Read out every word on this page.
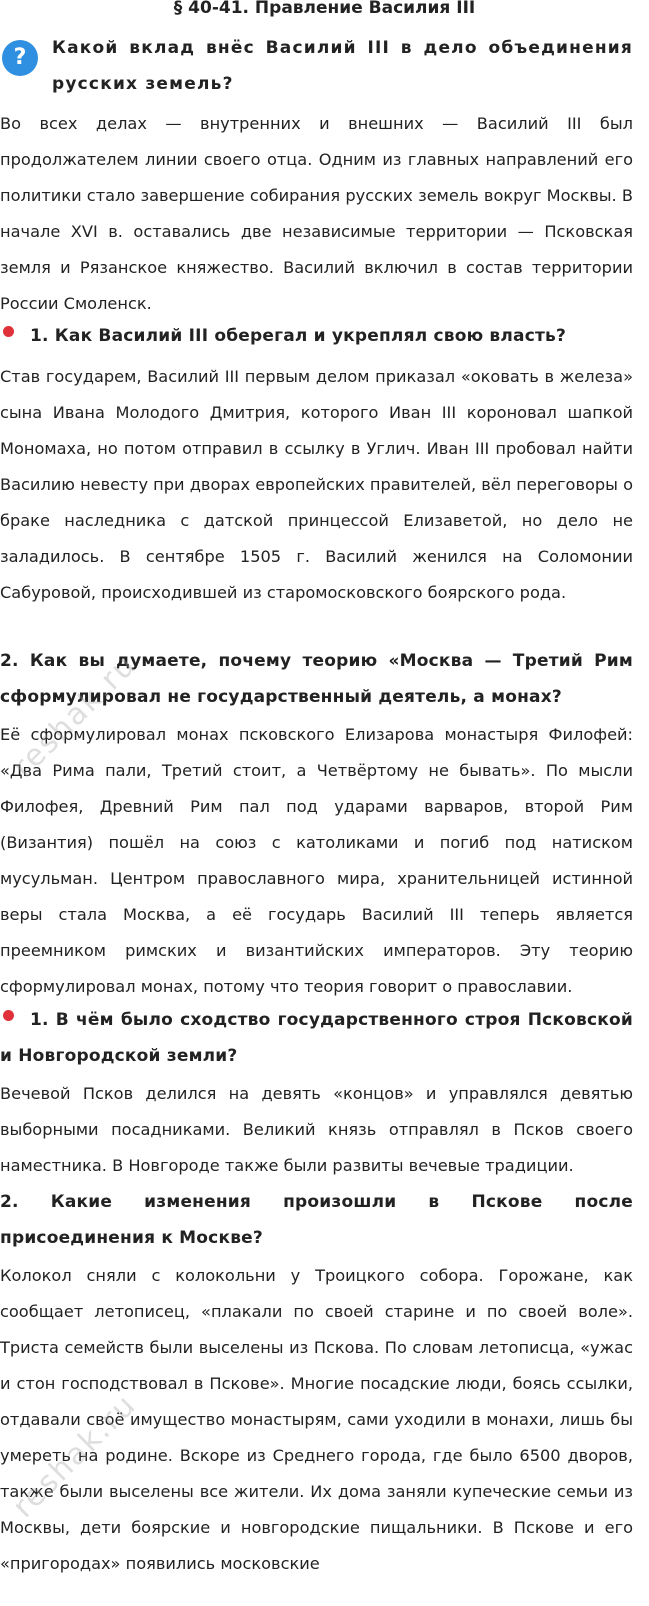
§ 40-41. Правление Василия III
?	Какой вклад внёс Василий III в дело объединения русских земель?
Во всех делах — внутренних и внешних — Василий III был продолжателем линии своего отца. Одним из главных направлений его политики стало завершение собирания русских земель вокруг Москвы. В начале XVI в. оставались две независимые территории — Псковская земля и Рязанское княжество. Василий включил в состав территории России Смоленск.
1. Как Василий III оберегал и укреплял свою власть?
Став государем, Василий III первым делом приказал «оковать в железа» сына Ивана Молодого Дмитрия, которого Иван III короновал шапкой Мономаха, но потом отправил в ссылку в Углич. Иван III пробовал найти Василию невесту при дворах европейских правителей, вёл переговоры о браке наследника с датской принцессой Елизаветой, но дело не заладилось. В сентябре 1505 г. Василий женился на Соломонии Сабуровой, происходившей из старомосковского боярского рода.
2. Как вы думаете, почему теорию «Москва — Третий Рим сформулировал не государственный деятель, а монах?
Её сформулировал монах псковского Елизарова монастыря Филофей: «Два Рима пали, Третий стоит, а Четвёртому не бывать». По мысли Филофея, Древний Рим пал под ударами варваров, второй Рим (Византия) пошёл на союз с католиками и погиб под натиском мусульман. Центром православного мира, хранительницей истинной веры стала Москва, а её государь Василий III теперь является преемником римских и византийских императоров. Эту теорию сформулировал монах, потому что теория говорит о православии.
1. В чём было сходство государственного строя Псковской и Новгородской земли?
Вечевой Псков делился на девять «концов» и управлялся девятью выборными посадниками. Великий князь отправлял в Псков своего наместника. В Новгороде также были развиты вечевые традиции.
2. Какие изменения произошли в Пскове после присоединения к Москве?
Колокол сняли с колокольни у Троицкого собора. Горожане, как сообщает летописец, «плакали по своей старине и по своей воле». Триста семейств были выселены из Пскова. По словам летописца, «ужас и стон господствовал в Пскове». Многие посадские люди, боясь ссылки, отдавали своё имущество монастырям, сами уходили в монахи, лишь бы умереть на родине. Вскоре из Среднего города, где было 6500 дворов, также были выселены все жители. Их дома заняли купеческие семьи из Москвы, дети боярские и новгородские пищальники. В Пскове и его «пригородах» появились московские
reshak.ru
reshak.ru
